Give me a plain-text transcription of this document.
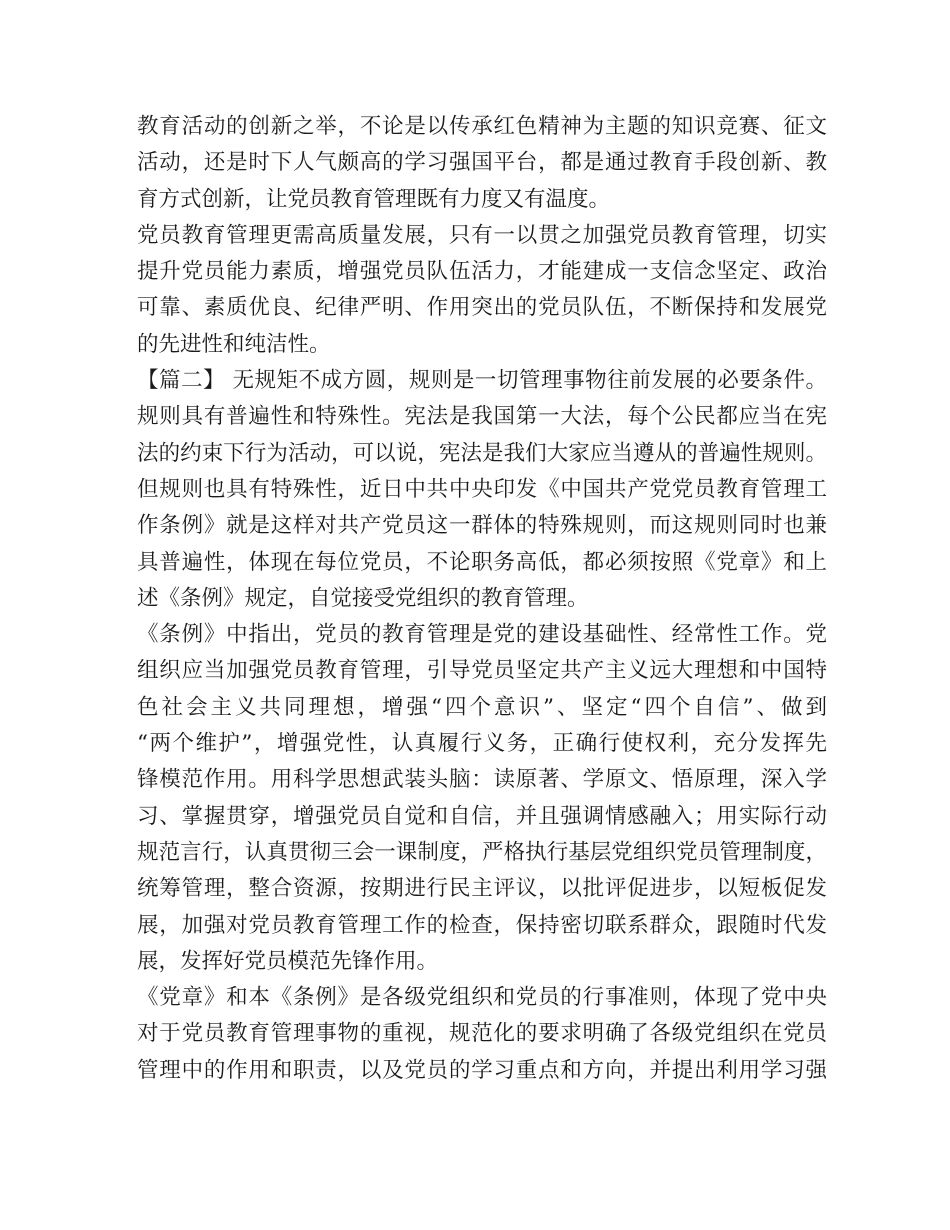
教育活动的创新之举，不论是以传承红色精神为主题的知识竞赛、征文
活动，还是时下人气颇高的学习强国平台，都是通过教育手段创新、教
育方式创新，让党员教育管理既有力度又有温度。
党员教育管理更需高质量发展，只有一以贯之加强党员教育管理，切实
提升党员能力素质，增强党员队伍活力，才能建成一支信念坚定、政治
可靠、素质优良、纪律严明、作用突出的党员队伍，不断保持和发展党
的先进性和纯洁性。
【篇二】 无规矩不成方圆，规则是一切管理事物往前发展的必要条件。
规则具有普遍性和特殊性。宪法是我国第一大法，每个公民都应当在宪
法的约束下行为活动，可以说，宪法是我们大家应当遵从的普遍性规则。
但规则也具有特殊性，近日中共中央印发《中国共产党党员教育管理工
作条例》就是这样对共产党员这一群体的特殊规则，而这规则同时也兼
具普遍性，体现在每位党员，不论职务高低，都必须按照《党章》和上
述《条例》规定，自觉接受党组织的教育管理。
《条例》中指出，党员的教育管理是党的建设基础性、经常性工作。党
组织应当加强党员教育管理，引导党员坚定共产主义远大理想和中国特
色社会主义共同理想，增强“四个意识”、坚定“四个自信”、做到
“两个维护”，增强党性，认真履行义务，正确行使权利，充分发挥先
锋模范作用。用科学思想武装头脑：读原著、学原文、悟原理，深入学
习、掌握贯穿，增强党员自觉和自信，并且强调情感融入；用实际行动
规范言行，认真贯彻三会一课制度，严格执行基层党组织党员管理制度，
统筹管理，整合资源，按期进行民主评议，以批评促进步，以短板促发
展，加强对党员教育管理工作的检查，保持密切联系群众，跟随时代发
展，发挥好党员模范先锋作用。
《党章》和本《条例》是各级党组织和党员的行事准则，体现了党中央
对于党员教育管理事物的重视，规范化的要求明确了各级党组织在党员
管理中的作用和职责，以及党员的学习重点和方向，并提出利用学习强
